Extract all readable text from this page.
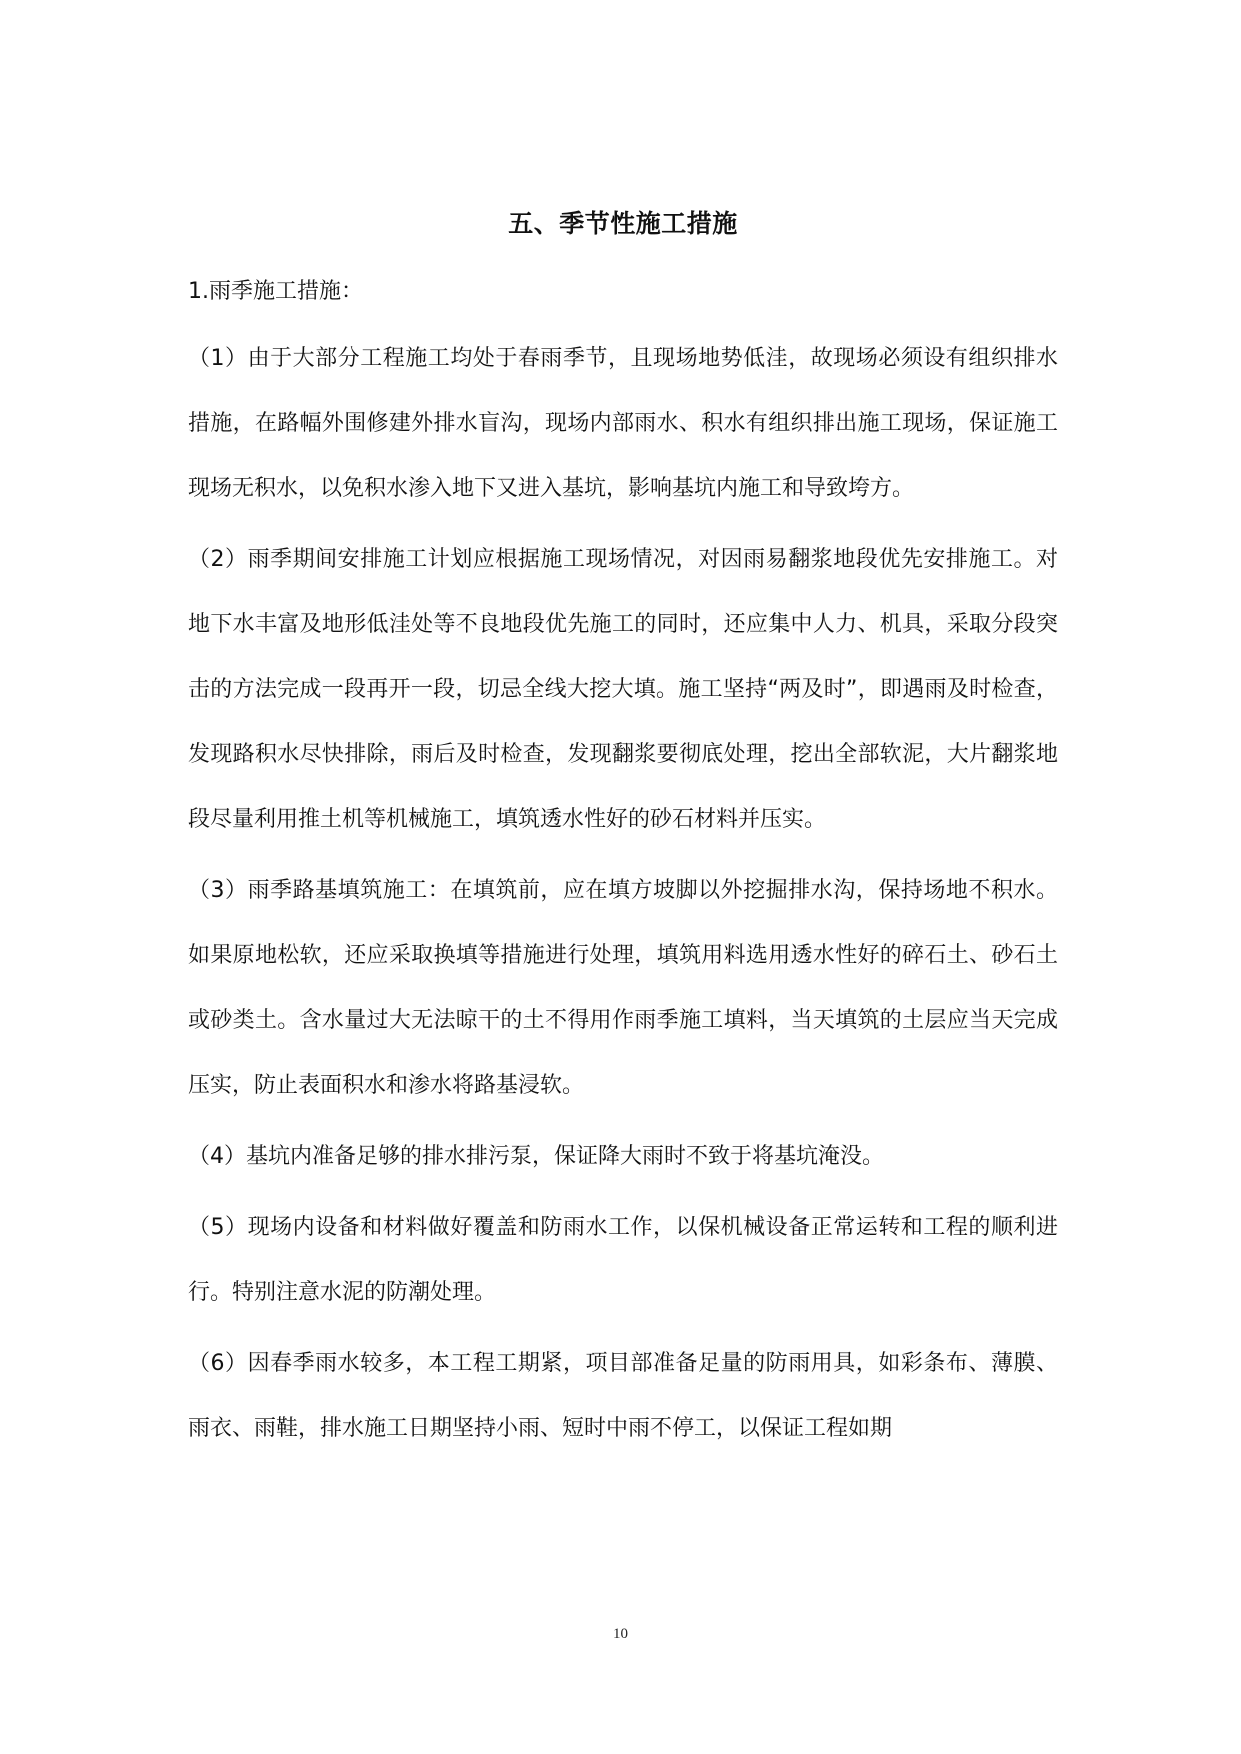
五、季节性施工措施

1.雨季施工措施：

（1）由于大部分工程施工均处于春雨季节，且现场地势低洼，故现场必须设有组织排水措施，在路幅外围修建外排水盲沟，现场内部雨水、积水有组织排出施工现场，保证施工现场无积水，以免积水渗入地下又进入基坑，影响基坑内施工和导致垮方。

（2）雨季期间安排施工计划应根据施工现场情况，对因雨易翻浆地段优先安排施工。对地下水丰富及地形低洼处等不良地段优先施工的同时，还应集中人力、机具，采取分段突击的方法完成一段再开一段，切忌全线大挖大填。施工坚持“两及时”，即遇雨及时检查，发现路积水尽快排除，雨后及时检查，发现翻浆要彻底处理，挖出全部软泥，大片翻浆地段尽量利用推土机等机械施工，填筑透水性好的砂石材料并压实。

（3）雨季路基填筑施工：在填筑前，应在填方坡脚以外挖掘排水沟，保持场地不积水。如果原地松软，还应采取换填等措施进行处理，填筑用料选用透水性好的碎石土、砂石土或砂类土。含水量过大无法晾干的土不得用作雨季施工填料，当天填筑的土层应当天完成压实，防止表面积水和渗水将路基浸软。

（4）基坑内准备足够的排水排污泵，保证降大雨时不致于将基坑淹没。

（5）现场内设备和材料做好覆盖和防雨水工作，以保机械设备正常运转和工程的顺利进行。特别注意水泥的防潮处理。

（6）因春季雨水较多，本工程工期紧，项目部准备足量的防雨用具，如彩条布、薄膜、雨衣、雨鞋，排水施工日期坚持小雨、短时中雨不停工，以保证工程如期

10
